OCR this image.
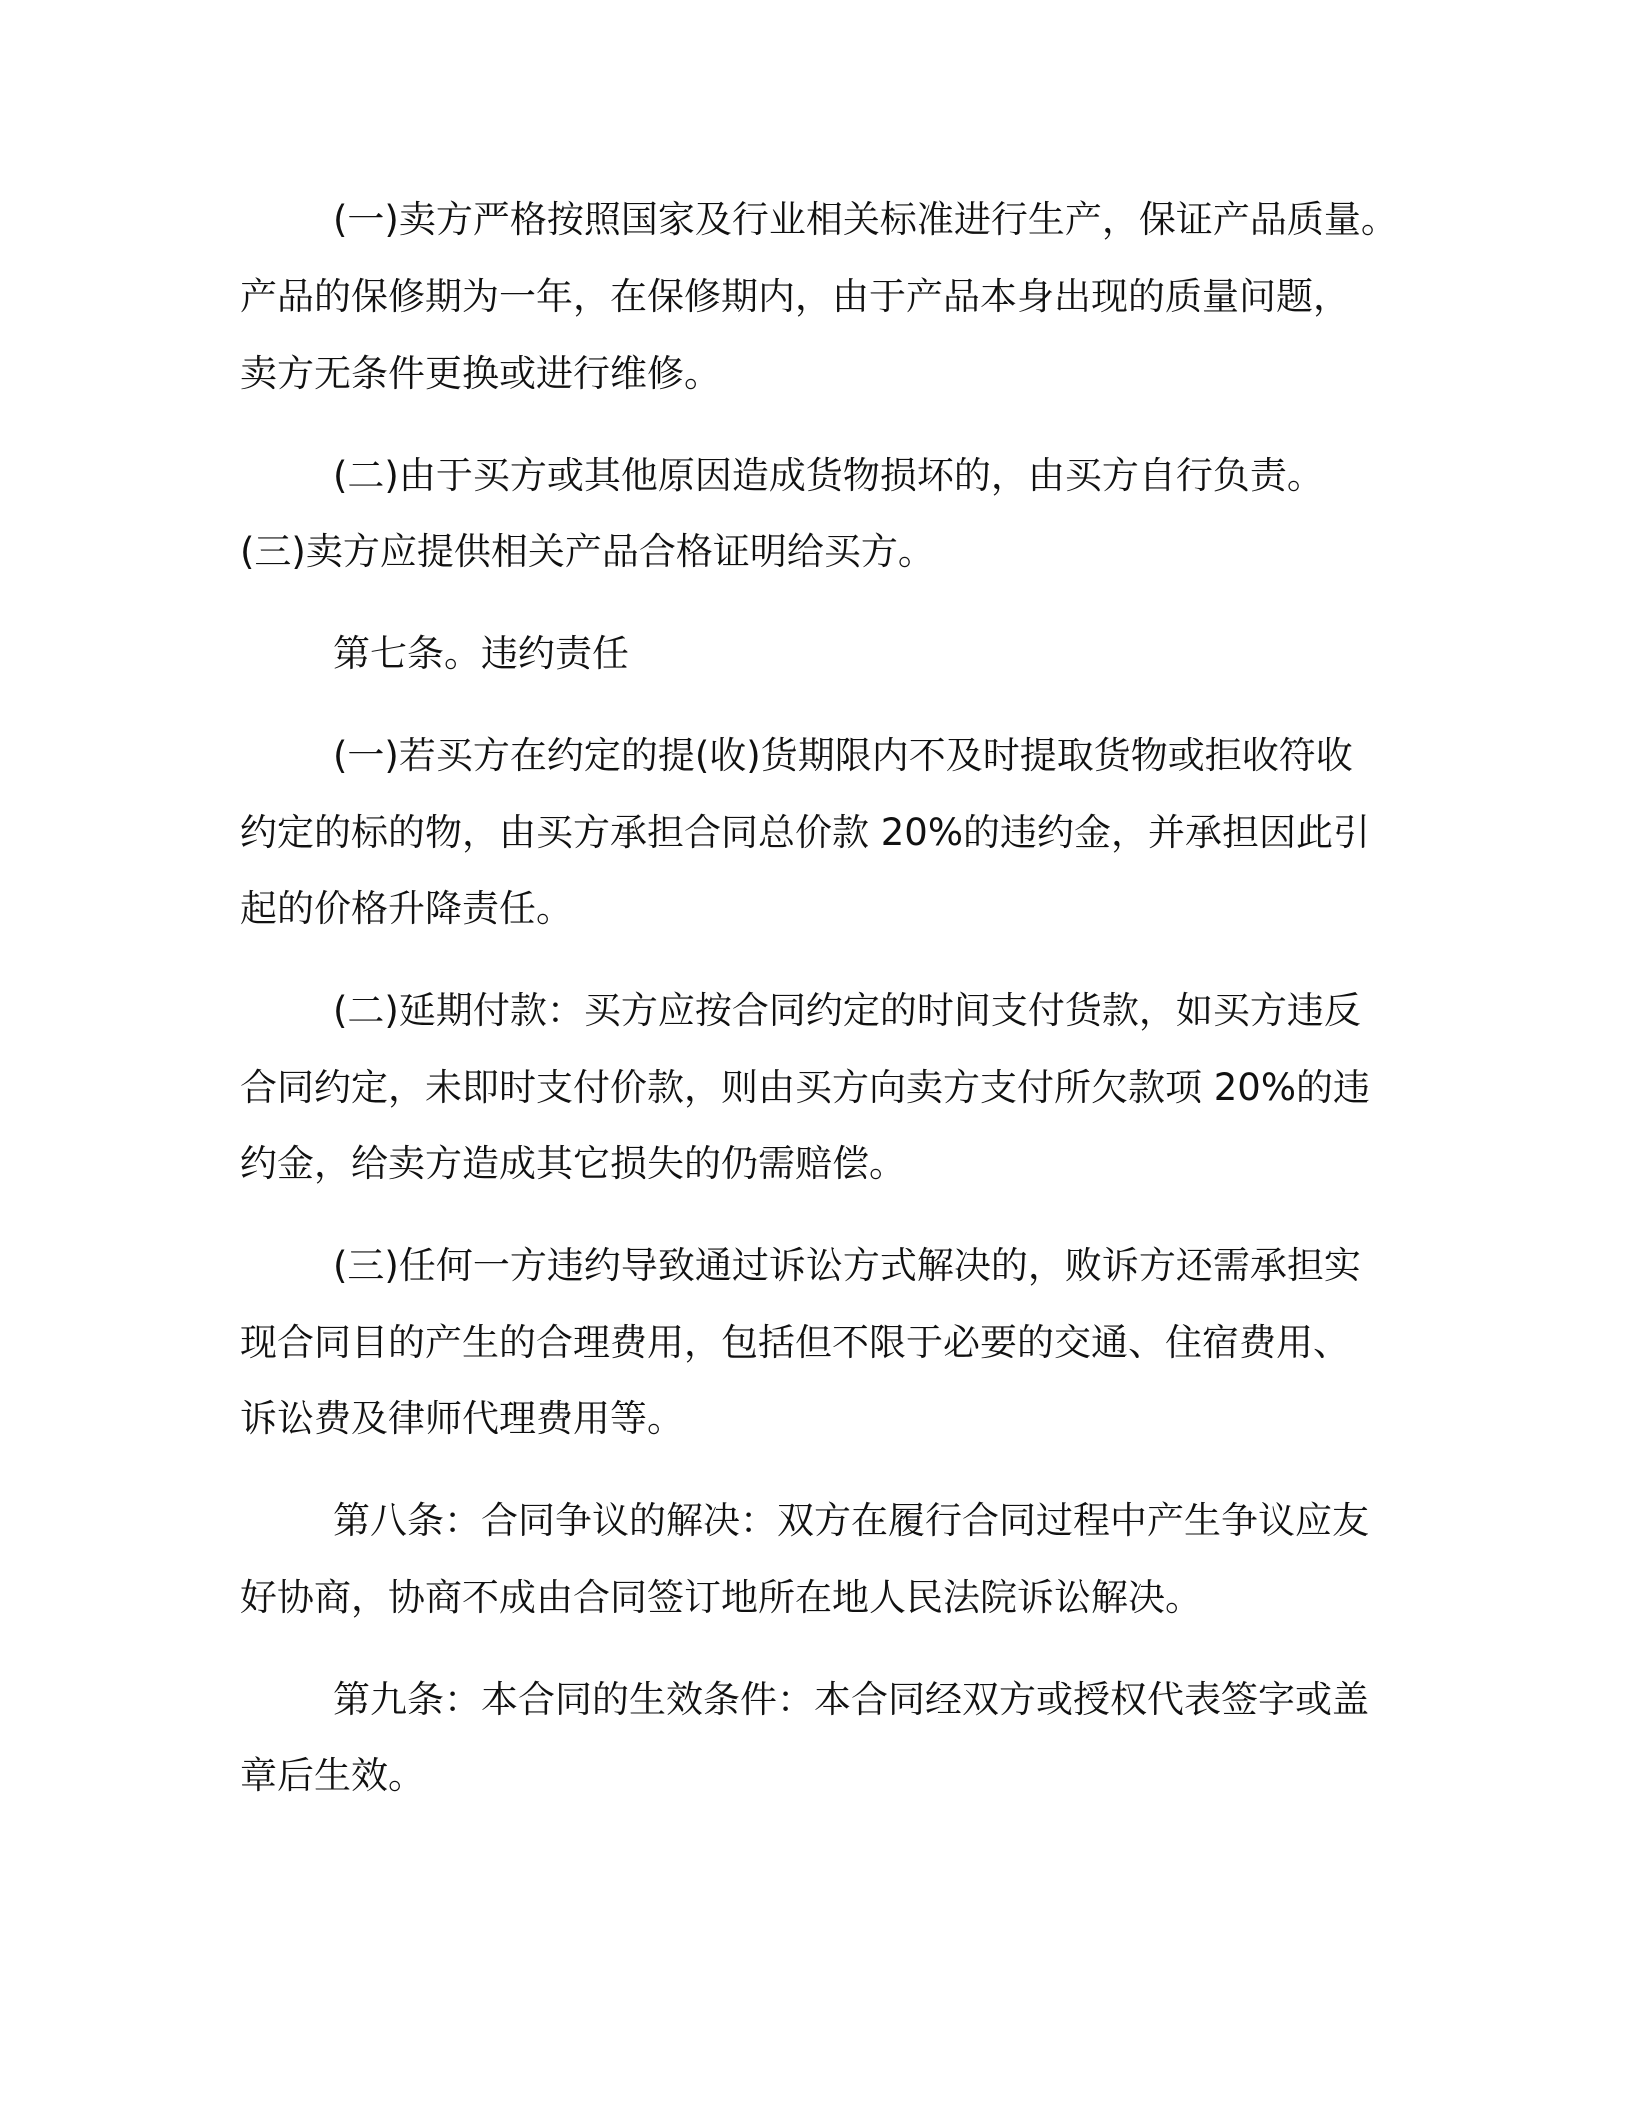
(一)卖方严格按照国家及行业相关标准进行生产，保证产品质量。
产品的保修期为一年，在保修期内，由于产品本身出现的质量问题，
卖方无条件更换或进行维修。
(二)由于买方或其他原因造成货物损坏的，由买方自行负责。
(三)卖方应提供相关产品合格证明给买方。
第七条。违约责任
(一)若买方在约定的提(收)货期限内不及时提取货物或拒收符收
约定的标的物，由买方承担合同总价款 20%的违约金，并承担因此引
起的价格升降责任。
(二)延期付款：买方应按合同约定的时间支付货款，如买方违反
合同约定，未即时支付价款，则由买方向卖方支付所欠款项 20%的违
约金，给卖方造成其它损失的仍需赔偿。
(三)任何一方违约导致通过诉讼方式解决的，败诉方还需承担实
现合同目的产生的合理费用，包括但不限于必要的交通、住宿费用、
诉讼费及律师代理费用等。
第八条：合同争议的解决：双方在履行合同过程中产生争议应友
好协商，协商不成由合同签订地所在地人民法院诉讼解决。
第九条：本合同的生效条件：本合同经双方或授权代表签字或盖
章后生效。
